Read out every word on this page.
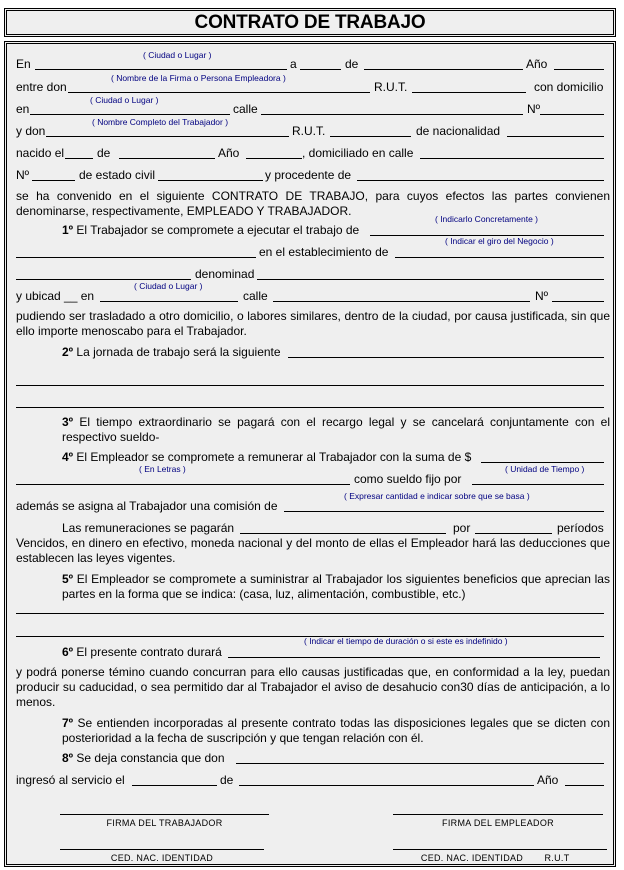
CONTRATO DE TRABAJO
( Ciudad o Lugar )
En	a	de	Año
( Nombre de la Firma o Persona Empleadora )
entre don	R.U.T.	con domicilio
( Ciudad o Lugar )
en	calle	Nº
( Nombre Completo del Trabajador )
y don	R.U.T.	de nacionalidad
nacido el	de	Año	, domiciliado en calle
Nº	de estado civil	y procedente de
se ha convenido en el siguiente CONTRATO DE TRABAJO, para cuyos efectos las partes convienen denominarse, respectivamente, EMPLEADO Y TRABAJADOR.
( Indicarlo Concretamente )
1º El Trabajador se compromete a ejecutar el trabajo de
( Indicar el giro del Negocio )
en el establecimiento de
denominad
( Ciudad o Lugar )
y ubicad __ en	calle	Nº
pudiendo ser trasladado a otro domicilio, o labores similares, dentro de la ciudad, por causa justificada, sin que ello importe menoscabo para el Trabajador.
2º La jornada de trabajo será la siguiente
3º El tiempo extraordinario se pagará con el recargo legal y se cancelará conjuntamente con el respectivo sueldo-
4º El Empleador se compromete a remunerar al Trabajador con la suma de $
( En Letras )	( Unidad de Tiempo )
como sueldo fijo por
( Expresar cantidad e indicar sobre que se basa )
además se asigna al Trabajador una comisión de
Las remuneraciones se pagarán	por	períodos
Vencidos, en dinero en efectivo, moneda nacional y del monto de ellas el Empleador hará las deducciones que establecen las leyes vigentes.
5º El Empleador se compromete a suministrar al Trabajador los siguientes beneficios que aprecian las partes en la forma que se indica: (casa, luz, alimentación, combustible, etc.)
( Indicar el tiempo de duración o si este es indefinido )
6º El presente contrato durará
y podrá ponerse témino cuando concurran para ello causas justificadas que, en conformidad a la ley, puedan producir su caducidad, o sea permitido dar al Trabajador el aviso de desahucio con30 días de anticipación, a lo menos.
7º Se entienden incorporadas al presente contrato todas las disposiciones legales que se dicten con posterioridad a la fecha de suscripción y que tengan relación con él.
8º Se deja constancia que don
ingresó al servicio el	de	Año
FIRMA DEL TRABAJADOR	FIRMA DEL EMPLEADOR
CED. NAC. IDENTIDAD	CED. NAC. IDENTIDAD	R.U.T
